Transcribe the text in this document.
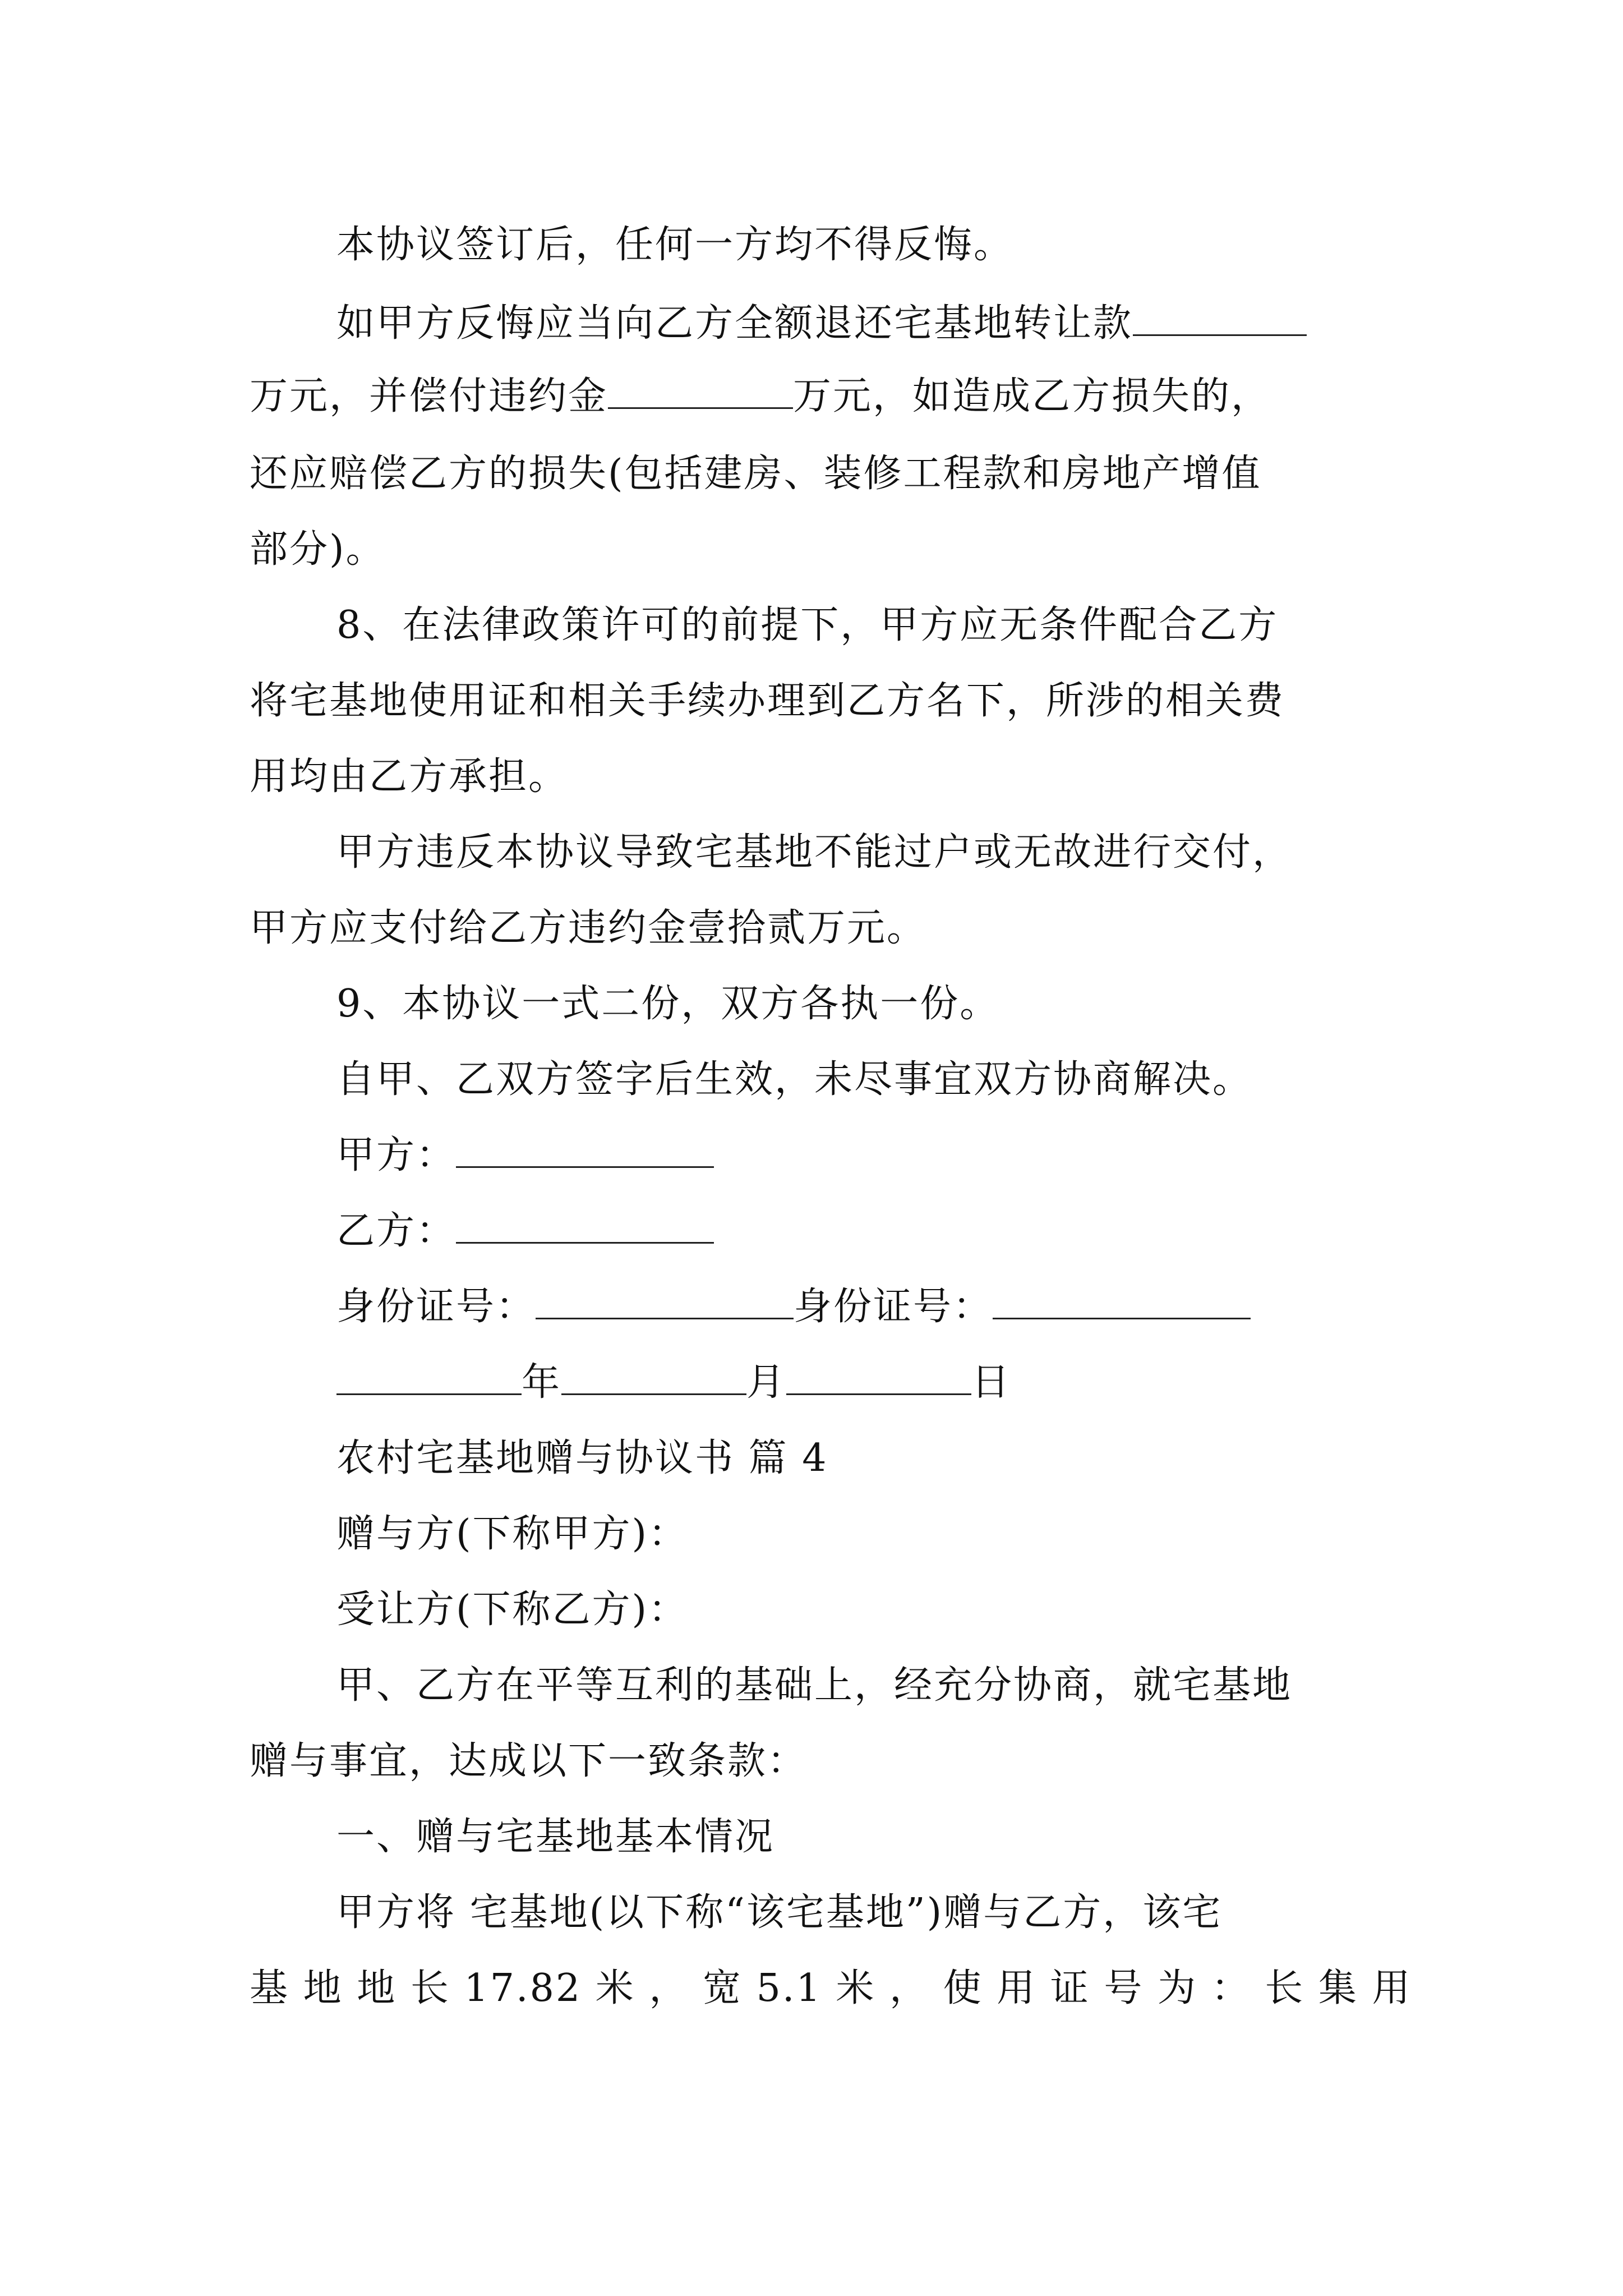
本协议签订后，任何一方均不得反悔。
如甲方反悔应当向乙方全额退还宅基地转让款
万元，并偿付违约金	万元，如造成乙方损失的，
还应赔偿乙方的损失(包括建房、装修工程款和房地产增值
部分)。
8、在法律政策许可的前提下，甲方应无条件配合乙方
将宅基地使用证和相关手续办理到乙方名下，所涉的相关费
用均由乙方承担。
甲方违反本协议导致宅基地不能过户或无故进行交付，
甲方应支付给乙方违约金壹拾贰万元。
9、本协议一式二份，双方各执一份。
自甲、乙双方签字后生效，未尽事宜双方协商解决。
甲方：
乙方：
身份证号：	身份证号：
年	月	日
农村宅基地赠与协议书 篇 4
赠与方(下称甲方)：
受让方(下称乙方)：
甲、乙方在平等互利的基础上，经充分协商，就宅基地
赠与事宜，达成以下一致条款：
一、赠与宅基地基本情况
甲方将 宅基地(以下称“该宅基地”)赠与乙方，该宅
基 地 地 长 17.82 米 ， 宽 5.1 米 ， 使 用 证 号 为 ： 长 集 用
